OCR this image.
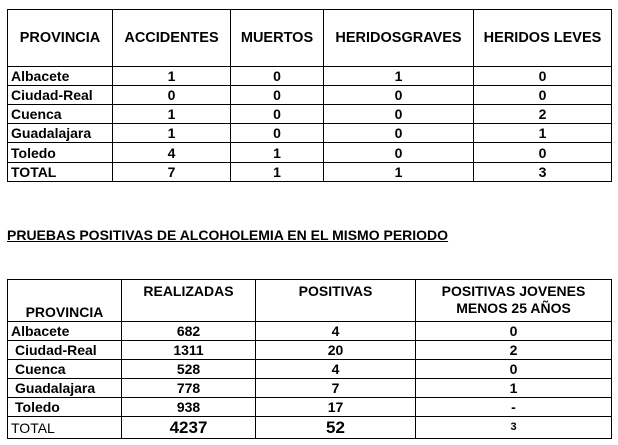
PROVINCIA	ACCIDENTES	MUERTOS	HERIDOSGRAVES	HERIDOS LEVES
Albacete	1	0	1	0
Ciudad-Real	0	0	0	0
Cuenca	1	0	0	2
Guadalajara	1	0	0	1
Toledo	4	1	0	0
TOTAL	7	1	1	3

PRUEBAS POSITIVAS DE ALCOHOLEMIA EN EL MISMO PERIODO

PROVINCIA	REALIZADAS	POSITIVAS	POSITIVAS JOVENES
MENOS 25 AÑOS

Albacete	682	4	0
Ciudad-Real	1311	20	2
Cuenca	528	4	0
Guadalajara	778	7	1
Toledo	938	17	-
TOTAL	4237	52	3
